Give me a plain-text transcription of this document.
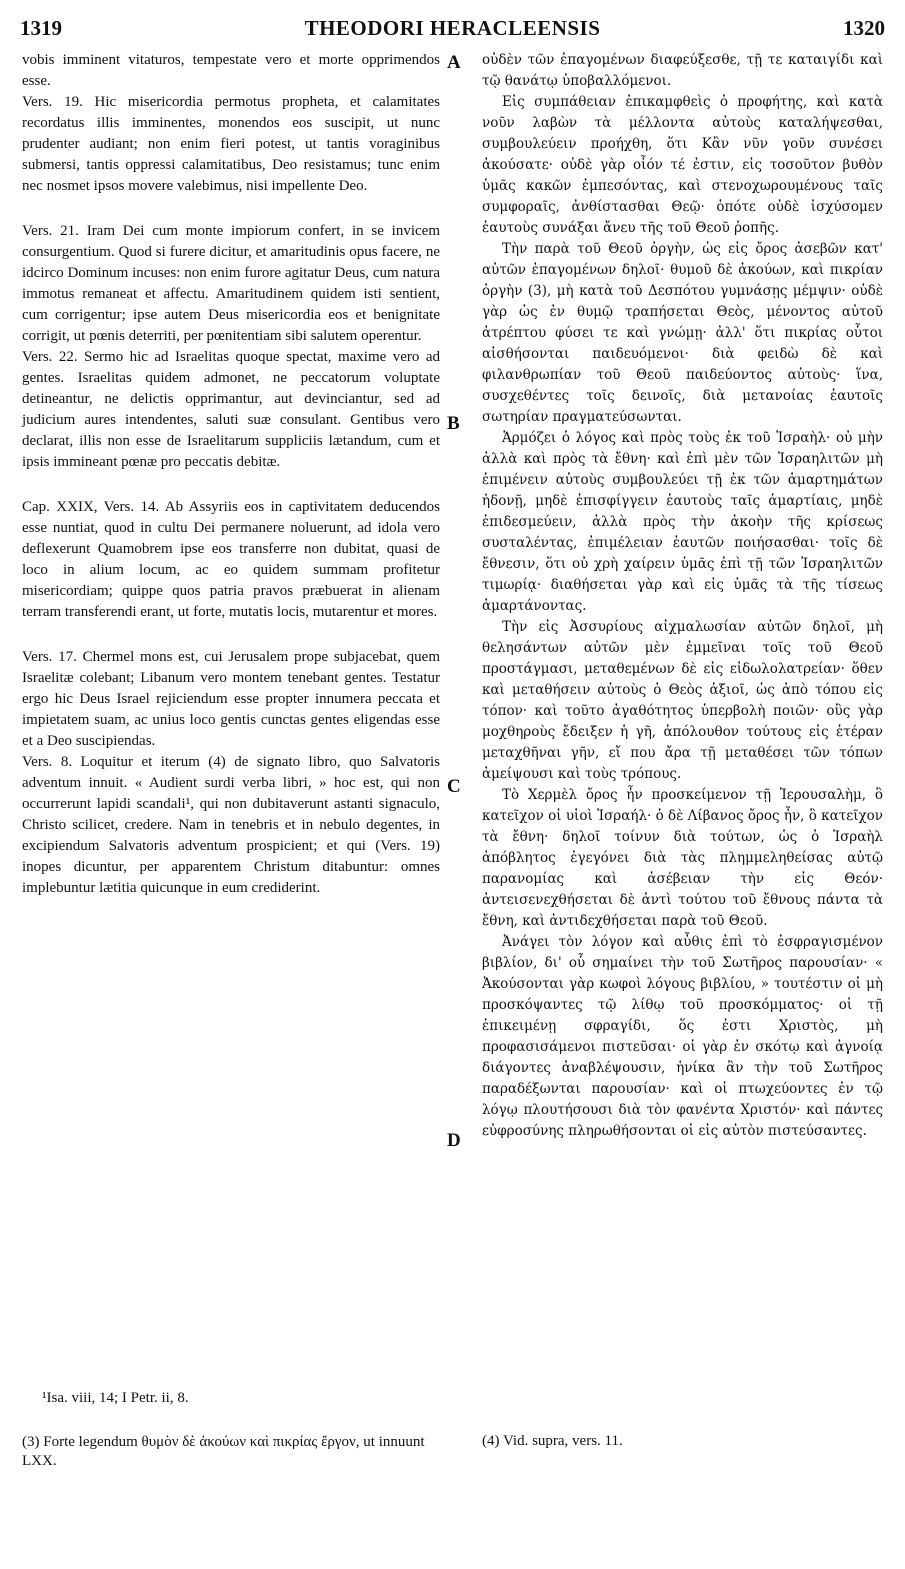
1319	THEODORI HERACLEENSIS	1320
A
B
C
D

vobis imminent vitaturos, tempestate vero et morte opprimendos esse.

Vers. 19. Hic misericordia permotus propheta, et calamitates recordatus illis imminentes, monendos eos suscipit, ut nunc prudenter audiant; non enim fieri potest, ut tantis voraginibus submersi, tantis oppressi calamitatibus, Deo resistamus; tunc enim nec nosmet ipsos movere valebimus, nisi impellente Deo.

Vers. 21. Iram Dei cum monte impiorum confert, in se invicem consurgentium. Quod si furere dicitur, et amaritudinis opus facere, ne idcirco Dominum incuses: non enim furore agitatur Deus, cum natura immotus remaneat et affectu. Amaritudinem quidem isti sentient, cum corrigentur; ipse autem Deus misericordia eos et benignitate corrigit, ut pœnis deterriti, per pœnitentiam sibi salutem operentur.

Vers. 22. Sermo hic ad Israelitas quoque spectat, maxime vero ad gentes. Israelitas quidem admonet, ne peccatorum voluptate detineantur, ne delictis opprimantur, aut devinciantur, sed ad judicium aures intendentes, saluti suæ consulant. Gentibus vero declarat, illis non esse de Israelitarum suppliciis lætandum, cum et ipsis immineant pœnæ pro peccatis debitæ.

Cap. XXIX, Vers. 14. Ab Assyriis eos in captivitatem deducendos esse nuntiat, quod in cultu Dei permanere noluerunt, ad idola vero deflexerunt Quamobrem ipse eos transferre non dubitat, quasi de loco in alium locum, ac eo quidem summam profitetur misericordiam; quippe quos patria pravos præbuerat in alienam terram transferendi erant, ut forte, mutatis locis, mutarentur et mores.

Vers. 17. Chermel mons est, cui Jerusalem prope subjacebat, quem Israelitæ colebant; Libanum vero montem tenebant gentes. Testatur ergo hic Deus Israel rejiciendum esse propter innumera peccata et impietatem suam, ac unius loco gentis cunctas gentes eligendas esse et a Deo suscipiendas.

Vers. 8. Loquitur et iterum (4) de signato libro, quo Salvatoris adventum innuit. « Audient surdi verba libri, » hoc est, qui non occurrerunt lapidi scandali¹, qui non dubitaverunt astanti signaculo, Christo scilicet, credere. Nam in tenebris et in nebulo degentes, in excipiendum Salvatoris adventum prospicient; et qui (Vers. 19) inopes dicuntur, per apparentem Christum ditabuntur: omnes implebuntur lætitia quicunque in eum crediderint.

οὐδὲν τῶν ἐπαγομένων διαφεύξεσθε, τῇ τε καταιγίδι καὶ τῷ θανάτῳ ὑποβαλλόμενοι.

Εἰς συμπάθειαν ἐπικαμφθεὶς ὁ προφήτης, καὶ κατὰ νοῦν λαβὼν τὰ μέλλοντα αὐτοὺς καταλήψεσθαι, συμβουλεύειν προήχθη, ὅτι Κἂν νῦν γοῦν συνέσει ἀκούσατε· οὐδὲ γὰρ οἷόν τέ ἐστιν, εἰς τοσοῦτον βυθὸν ὑμᾶς κακῶν ἐμπεσόντας, καὶ στενοχωρουμένους ταῖς συμφοραῖς, ἀνθίστασθαι Θεῷ· ὁπότε οὐδὲ ἰσχύσομεν ἑαυτοὺς συνάξαι ἄνευ τῆς τοῦ Θεοῦ ῥοπῆς.

Τὴν παρὰ τοῦ Θεοῦ ὀργὴν, ὡς εἰς ὄρος ἀσεβῶν κατ' αὐτῶν ἐπαγομένων δηλοῖ· θυμοῦ δὲ ἀκούων, καὶ πικρίαν ὀργὴν (3), μὴ κατὰ τοῦ Δεσπότου γυμνάσῃς μέμψιν· οὐδὲ γὰρ ὡς ἐν θυμῷ τραπήσεται Θεὸς, μένοντος αὐτοῦ ἀτρέπτου φύσει τε καὶ γνώμῃ· ἀλλ' ὅτι πικρίας οὗτοι αἰσθήσονται παιδευόμενοι· διὰ φειδὼ δὲ καὶ φιλανθρωπίαν τοῦ Θεοῦ παιδεύοντος αὐτοὺς· ἵνα, συσχεθέντες τοῖς δεινοῖς, διὰ μετανοίας ἑαυτοῖς σωτηρίαν πραγματεύσωνται.

Ἁρμόζει ὁ λόγος καὶ πρὸς τοὺς ἐκ τοῦ Ἰσραὴλ· οὐ μὴν ἀλλὰ καὶ πρὸς τὰ ἔθνη· καὶ ἐπὶ μὲν τῶν Ἰσραηλιτῶν μὴ ἐπιμένειν αὐτοὺς συμβουλεύει τῇ ἐκ τῶν ἁμαρτημάτων ἡδονῇ, μηδὲ ἐπισφίγγειν ἑαυτοὺς ταῖς ἁμαρτίαις, μηδὲ ἐπιδεσμεύειν, ἀλλὰ πρὸς τὴν ἀκοὴν τῆς κρίσεως συσταλέντας, ἐπιμέλειαν ἑαυτῶν ποιήσασθαι· τοῖς δὲ ἔθνεσιν, ὅτι οὐ χρὴ χαίρειν ὑμᾶς ἐπὶ τῇ τῶν Ἰσραηλιτῶν τιμωρίᾳ· διαθήσεται γὰρ καὶ εἰς ὑμᾶς τὰ τῆς τίσεως ἁμαρτάνοντας.

Τὴν εἰς Ἀσσυρίους αἰχμαλωσίαν αὐτῶν δηλοῖ, μὴ θελησάντων αὐτῶν μὲν ἐμμεῖναι τοῖς τοῦ Θεοῦ προστάγμασι, μεταθεμένων δὲ εἰς εἰδωλολατρείαν· ὅθεν καὶ μεταθήσειν αὐτοὺς ὁ Θεὸς ἀξιοῖ, ὡς ἀπὸ τόπου εἰς τόπον· καὶ τοῦτο ἀγαθότητος ὑπερβολὴ ποιῶν· οὓς γὰρ μοχθηροὺς ἔδειξεν ἡ γῆ, ἀπόλουθον τούτους εἰς ἑτέραν μεταχθῆναι γῆν, εἴ που ἄρα τῇ μεταθέσει τῶν τόπων ἀμείψουσι καὶ τοὺς τρόπους.

Τὸ Χερμὲλ ὄρος ἦν προσκείμενον τῇ Ἱερουσαλὴμ, ὃ κατεῖχον οἱ υἱοὶ Ἰσραήλ· ὁ δὲ Λίβανος ὄρος ἦν, ὃ κατεῖχον τὰ ἔθνη· δηλοῖ τοίνυν διὰ τούτων, ὡς ὁ Ἰσραὴλ ἀπόβλητος ἐγεγόνει διὰ τὰς πλημμεληθείσας αὐτῷ παρανομίας καὶ ἀσέβειαν τὴν εἰς Θεόν· ἀντεισενεχθήσεται δὲ ἀντὶ τούτου τοῦ ἔθνους πάντα τὰ ἔθνη, καὶ ἀντιδεχθήσεται παρὰ τοῦ Θεοῦ.

Ἀνάγει τὸν λόγον καὶ αὖθις ἐπὶ τὸ ἐσφραγισμένον βιβλίον, δι' οὗ σημαίνει τὴν τοῦ Σωτῆρος παρουσίαν· « Ἀκούσονται γὰρ κωφοὶ λόγους βιβλίου, » τουτέστιν οἱ μὴ προσκόψαντες τῷ λίθῳ τοῦ προσκόμματος· οἱ τῇ ἐπικειμένῃ σφραγίδι, ὅς ἐστι Χριστὸς, μὴ προφασισάμενοι πιστεῦσαι· οἱ γὰρ ἐν σκότῳ καὶ ἀγνοίᾳ διάγοντες ἀναβλέψουσιν, ἡνίκα ἂν τὴν τοῦ Σωτῆρος παραδέξωνται παρουσίαν· καὶ οἱ πτωχεύοντες ἐν τῷ λόγῳ πλουτήσουσι διὰ τὸν φανέντα Χριστόν· καὶ πάντες εὐφροσύνης πληρωθήσονται οἱ εἰς αὐτὸν πιστεύσαντες.

¹Isa. viii, 14; I Petr. ii, 8.
(3) Forte legendum θυμὸν δὲ ἀκούων καὶ πικρίας ἔργον, ut innuunt LXX.
(4) Vid. supra, vers. 11.
